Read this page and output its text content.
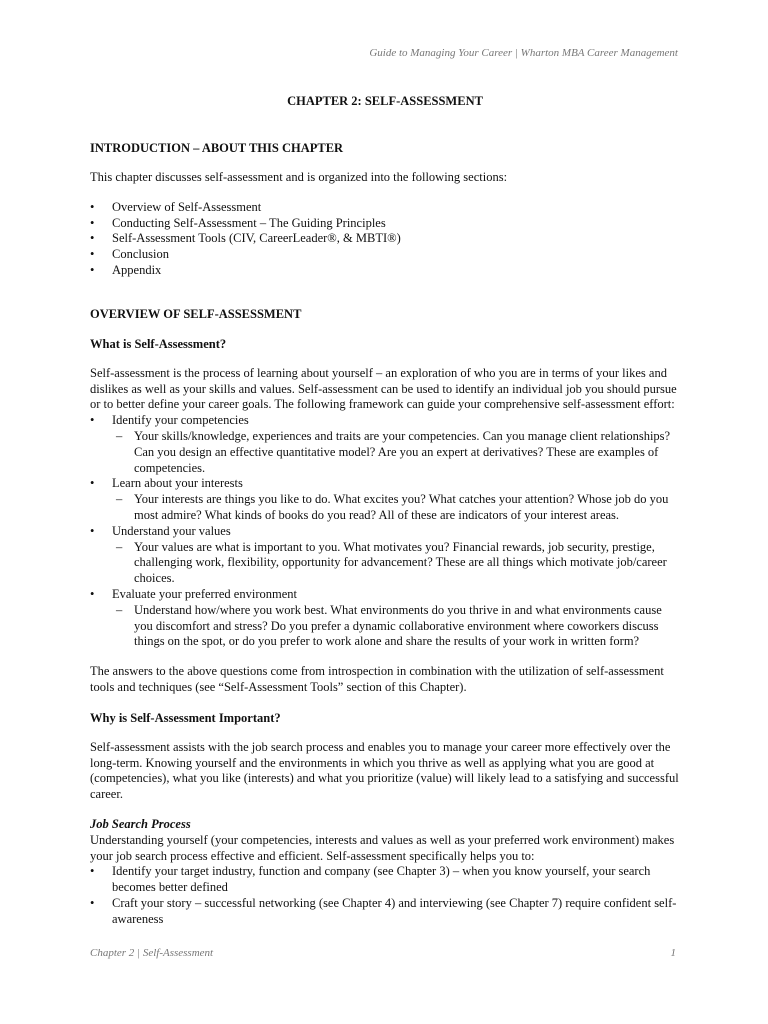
Guide to Managing Your Career | Wharton MBA Career Management
CHAPTER 2: SELF-ASSESSMENT
INTRODUCTION – ABOUT THIS CHAPTER

This chapter discusses self-assessment and is organized into the following sections:

• Overview of Self-Assessment
• Conducting Self-Assessment – The Guiding Principles
• Self-Assessment Tools (CIV, CareerLeader®, & MBTI®)
• Conclusion
• Appendix
OVERVIEW OF SELF-ASSESSMENT
What is Self-Assessment?

Self-assessment is the process of learning about yourself – an exploration of who you are in terms of your likes and dislikes as well as your skills and values. Self-assessment can be used to identify an individual job you should pursue or to better define your career goals. The following framework can guide your comprehensive self-assessment effort:

• Identify your competencies
– Your skills/knowledge, experiences and traits are your competencies. Can you manage client relationships? Can you design an effective quantitative model? Are you an expert at derivatives? These are examples of competencies.
• Learn about your interests
– Your interests are things you like to do. What excites you? What catches your attention? Whose job do you most admire? What kinds of books do you read? All of these are indicators of your interest areas.
• Understand your values
– Your values are what is important to you. What motivates you? Financial rewards, job security, prestige, challenging work, flexibility, opportunity for advancement? These are all things which motivate job/career choices.
• Evaluate your preferred environment
– Understand how/where you work best. What environments do you thrive in and what environments cause you discomfort and stress? Do you prefer a dynamic collaborative environment where coworkers discuss things on the spot, or do you prefer to work alone and share the results of your work in written form?

The answers to the above questions come from introspection in combination with the utilization of self-assessment tools and techniques (see “Self-Assessment Tools” section of this Chapter).

Why is Self-Assessment Important?

Self-assessment assists with the job search process and enables you to manage your career more effectively over the long-term. Knowing yourself and the environments in which you thrive as well as applying what you are good at (competencies), what you like (interests) and what you prioritize (value) will likely lead to a satisfying and successful career.

Job Search Process

Understanding yourself (your competencies, interests and values as well as your preferred work environment) makes your job search process effective and efficient. Self-assessment specifically helps you to:

• Identify your target industry, function and company (see Chapter 3) – when you know yourself, your search becomes better defined
• Craft your story – successful networking (see Chapter 4) and interviewing (see Chapter 7) require confident self-awareness
Chapter 2 | Self-Assessment	1
